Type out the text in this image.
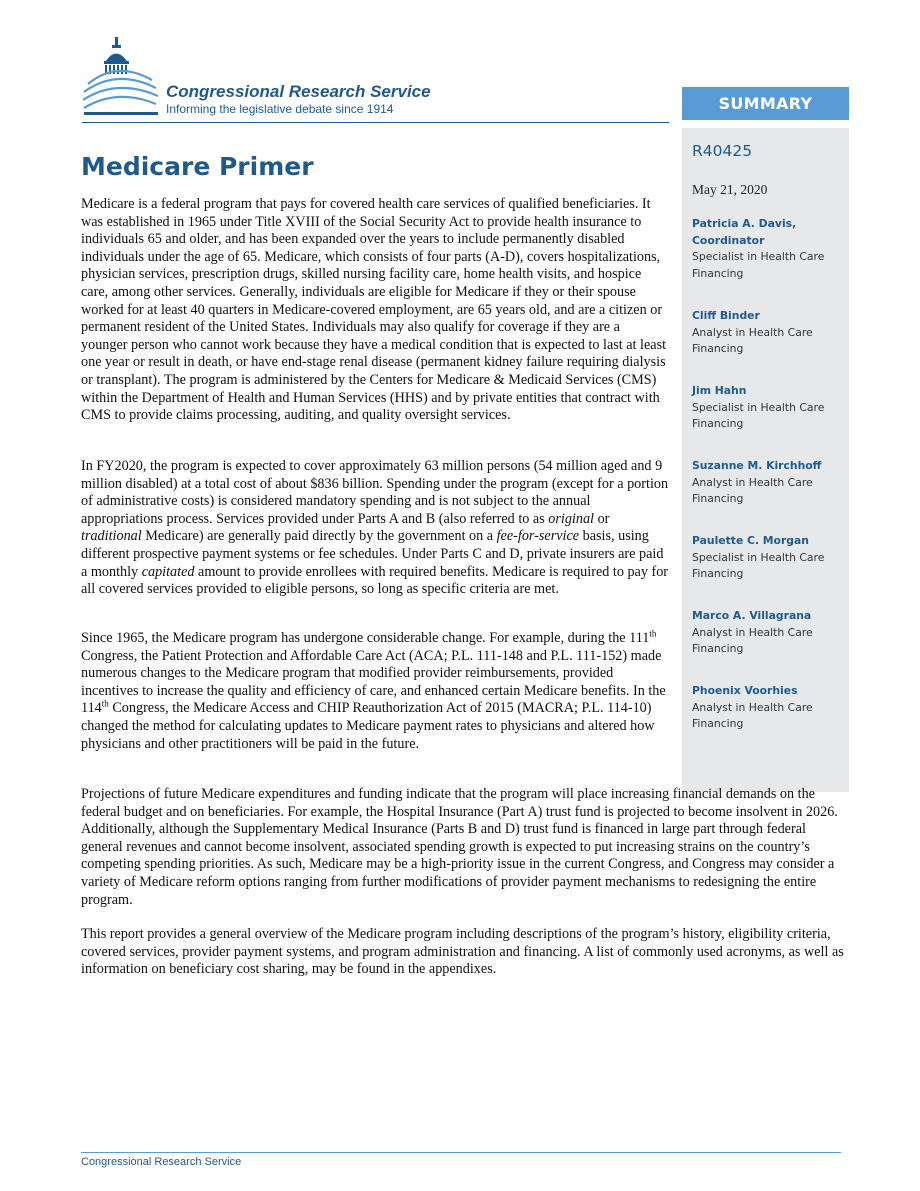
Congressional Research Service
Informing the legislative debate since 1914	SUMMARY
R40425
May 21, 2020
Patricia A. Davis, Coordinator
Specialist in Health Care Financing
Cliff Binder
Analyst in Health Care Financing
Jim Hahn
Specialist in Health Care Financing
Suzanne M. Kirchhoff
Analyst in Health Care Financing
Paulette C. Morgan
Specialist in Health Care Financing
Marco A. Villagrana
Analyst in Health Care Financing
Phoenix Voorhies
Analyst in Health Care Financing
Medicare Primer

Medicare is a federal program that pays for covered health care services of qualified beneficiaries. It was established in 1965 under Title XVIII of the Social Security Act to provide health insurance to individuals 65 and older, and has been expanded over the years to include permanently disabled individuals under the age of 65. Medicare, which consists of four parts (A-D), covers hospitalizations, physician services, prescription drugs, skilled nursing facility care, home health visits, and hospice care, among other services. Generally, individuals are eligible for Medicare if they or their spouse worked for at least 40 quarters in Medicare-covered employment, are 65 years old, and are a citizen or permanent resident of the United States. Individuals may also qualify for coverage if they are a younger person who cannot work because they have a medical condition that is expected to last at least one year or result in death, or have end-stage renal disease (permanent kidney failure requiring dialysis or transplant). The program is administered by the Centers for Medicare & Medicaid Services (CMS) within the Department of Health and Human Services (HHS) and by private entities that contract with CMS to provide claims processing, auditing, and quality oversight services.

In FY2020, the program is expected to cover approximately 63 million persons (54 million aged and 9 million disabled) at a total cost of about $836 billion. Spending under the program (except for a portion of administrative costs) is considered mandatory spending and is not subject to the annual appropriations process. Services provided under Parts A and B (also referred to as original or traditional Medicare) are generally paid directly by the government on a fee-for-service basis, using different prospective payment systems or fee schedules. Under Parts C and D, private insurers are paid a monthly capitated amount to provide enrollees with required benefits. Medicare is required to pay for all covered services provided to eligible persons, so long as specific criteria are met.

Since 1965, the Medicare program has undergone considerable change. For example, during the 111th Congress, the Patient Protection and Affordable Care Act (ACA; P.L. 111-148 and P.L. 111-152) made numerous changes to the Medicare program that modified provider reimbursements, provided incentives to increase the quality and efficiency of care, and enhanced certain Medicare benefits. In the 114th Congress, the Medicare Access and CHIP Reauthorization Act of 2015 (MACRA; P.L. 114-10) changed the method for calculating updates to Medicare payment rates to physicians and altered how physicians and other practitioners will be paid in the future.

Projections of future Medicare expenditures and funding indicate that the program will place increasing financial demands on the federal budget and on beneficiaries. For example, the Hospital Insurance (Part A) trust fund is projected to become insolvent in 2026. Additionally, although the Supplementary Medical Insurance (Parts B and D) trust fund is financed in large part through federal general revenues and cannot become insolvent, associated spending growth is expected to put increasing strains on the country’s competing spending priorities. As such, Medicare may be a high-priority issue in the current Congress, and Congress may consider a variety of Medicare reform options ranging from further modifications of provider payment mechanisms to redesigning the entire program.

This report provides a general overview of the Medicare program including descriptions of the program’s history, eligibility criteria, covered services, provider payment systems, and program administration and financing. A list of commonly used acronyms, as well as information on beneficiary cost sharing, may be found in the appendixes.

Congressional Research Service
